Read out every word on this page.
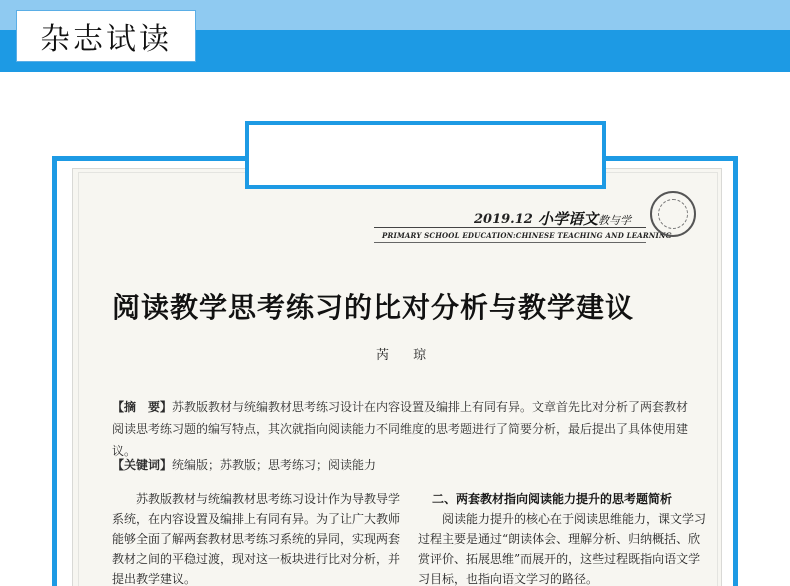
杂志试读
2019.12 小学语文教与学
PRIMARY SCHOOL EDUCATION:CHINESE TEACHING AND LEARNING
阅读教学思考练习的比对分析与教学建议
芮 琼
【摘　要】苏教版教材与统编教材思考练习设计在内容设置及编排上有同有异。文章首先比对分析了两套教材阅读思考练习题的编写特点，其次就指向阅读能力不同维度的思考题进行了简要分析，最后提出了具体使用建议。
【关键词】统编版；苏教版；思考练习；阅读能力

苏教版教材与统编教材思考练习设计作为导教导学系统，在内容设置及编排上有同有异。为了让广大教师能够全面了解两套教材思考练习系统的异同，实现两套教材之间的平稳过渡，现对这一板块进行比对分析，并提出教学建议。

二、两套教材指向阅读能力提升的思考题简析

阅读能力提升的核心在于阅读思维能力，课文学习过程主要是通过“朗读体会、理解分析、归纳概括、欣赏评价、拓展思维”而展开的，这些过程既指向语文学习目标，也指向语文学习的路径。
